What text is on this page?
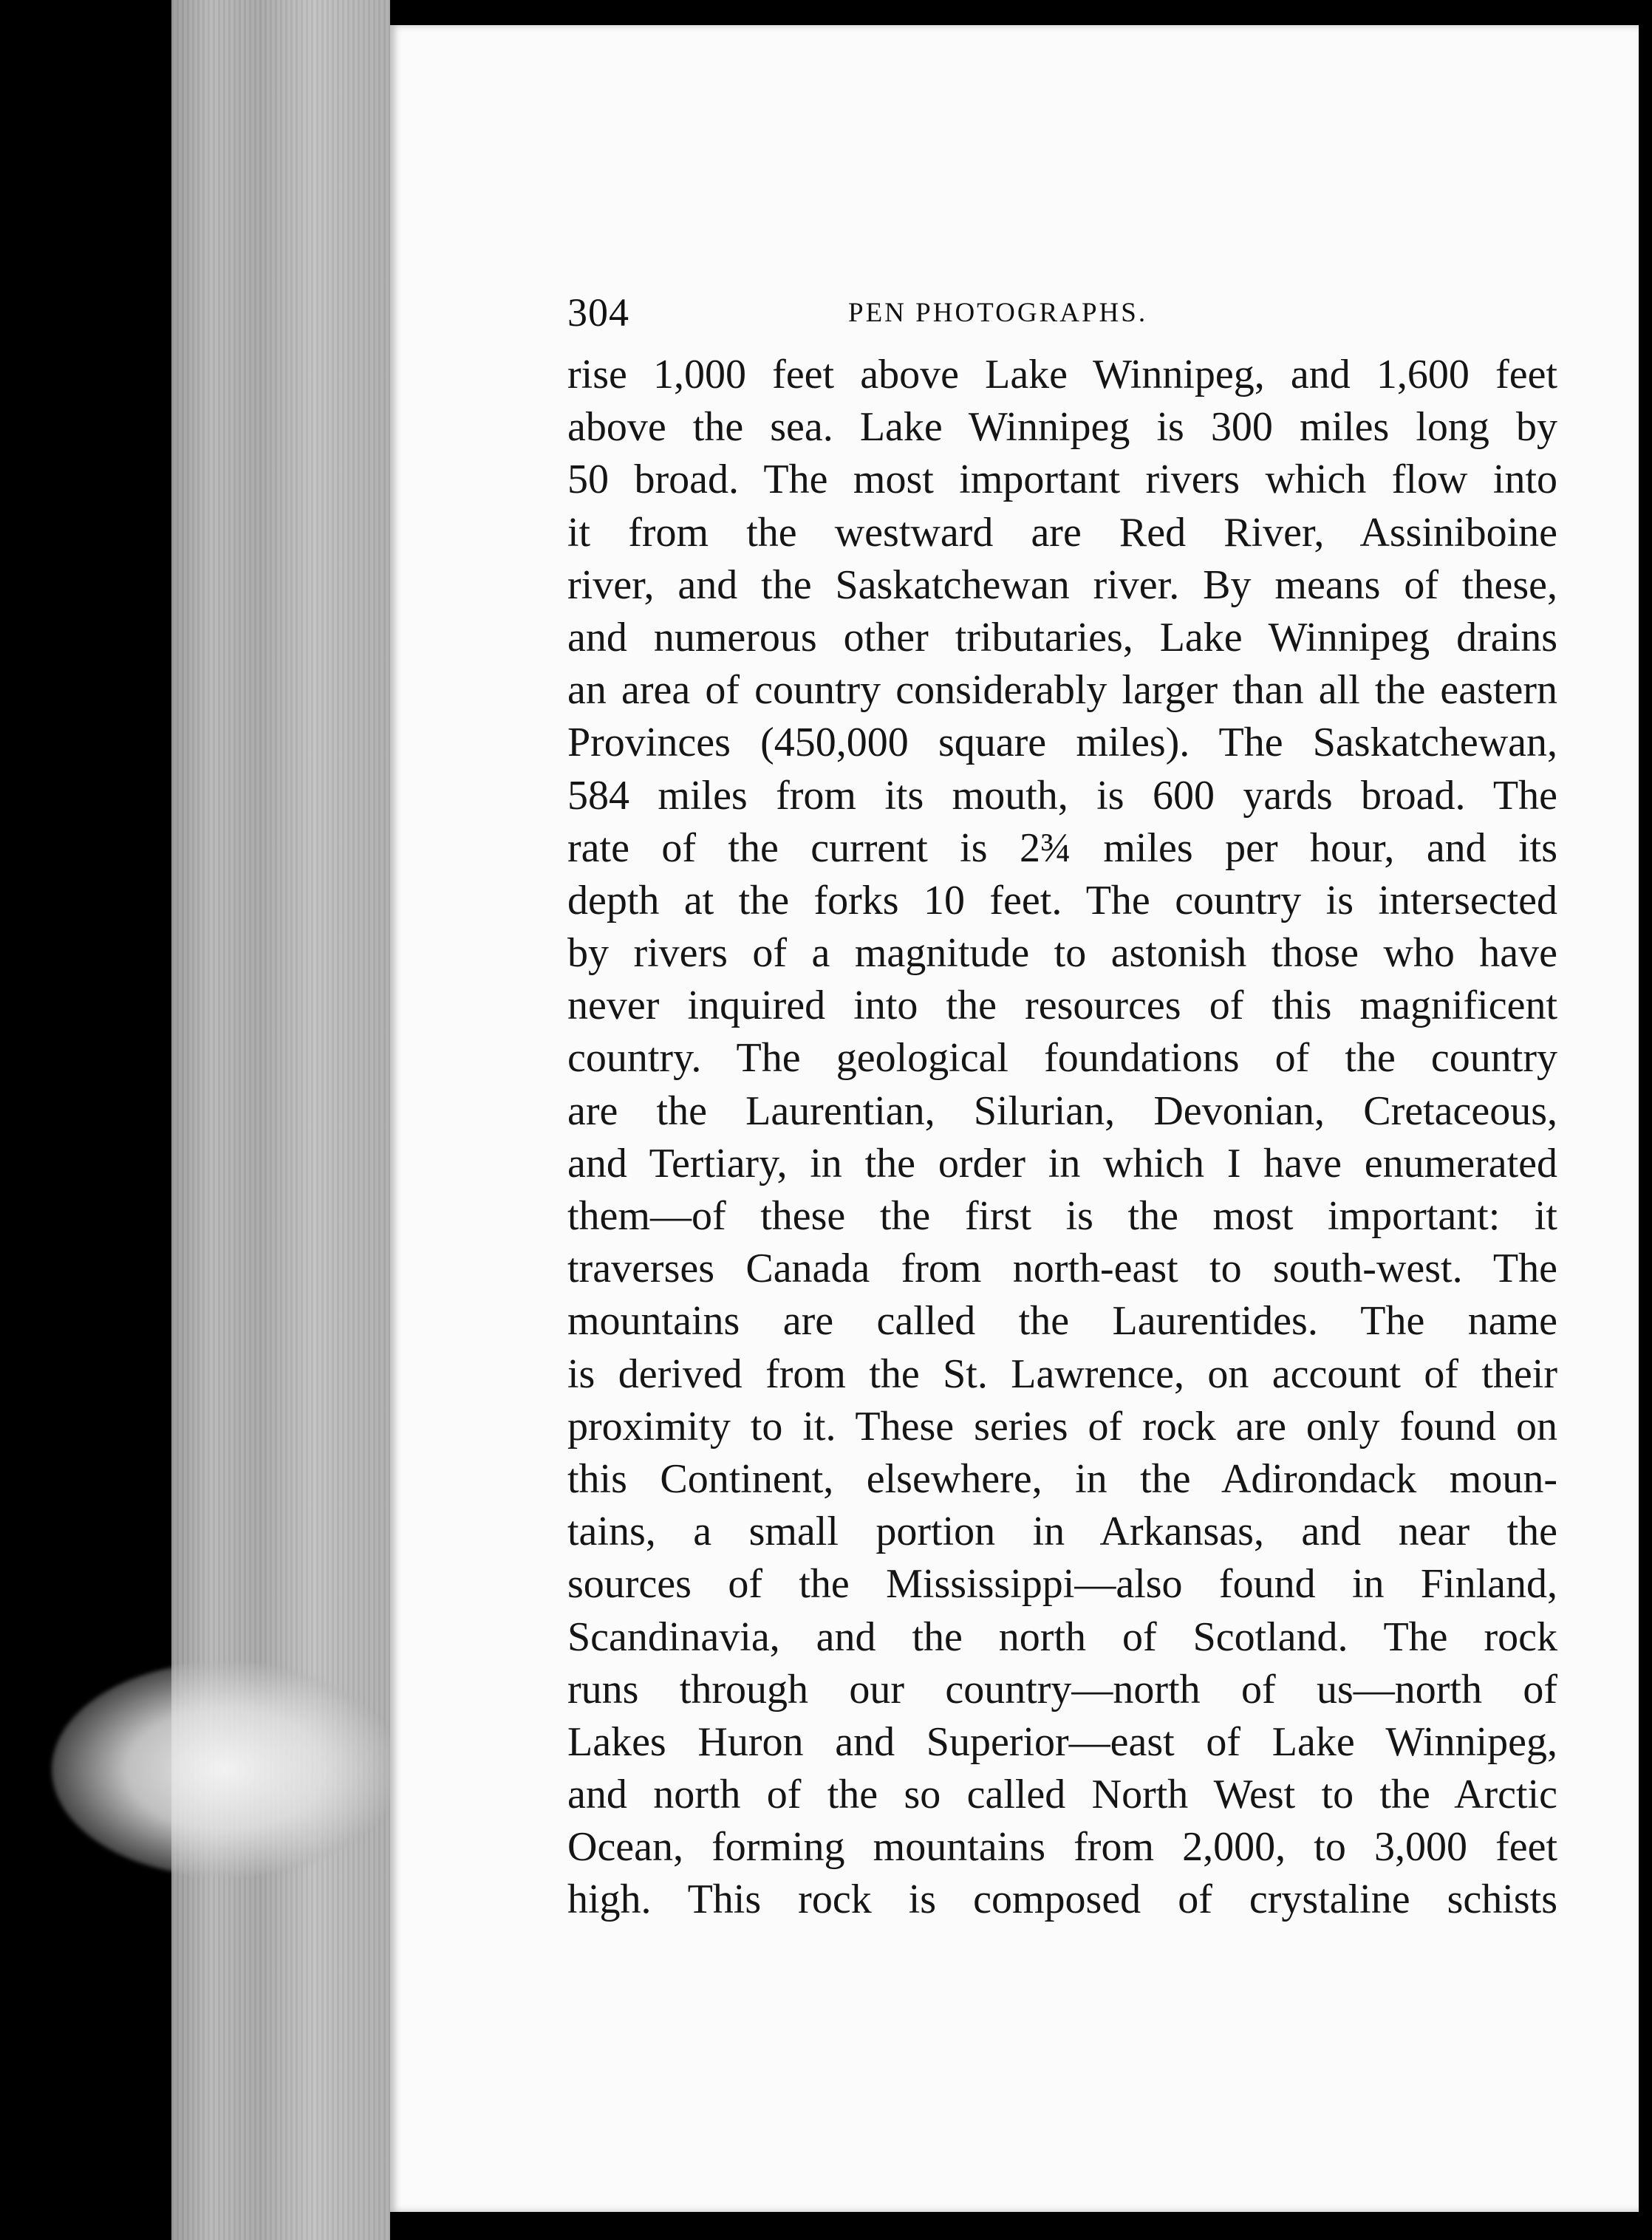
304	PEN PHOTOGRAPHS.
rise 1,000 feet above Lake Winnipeg, and 1,600 feet
above the sea. Lake Winnipeg is 300 miles long by
50 broad. The most important rivers which flow into
it from the westward are Red River, Assiniboine
river, and the Saskatchewan river. By means of these,
and numerous other tributaries, Lake Winnipeg drains
an area of country considerably larger than all the eastern
Provinces (450,000 square miles). The Saskatchewan,
584 miles from its mouth, is 600 yards broad. The
rate of the current is 2¾ miles per hour, and its
depth at the forks 10 feet. The country is intersected
by rivers of a magnitude to astonish those who have
never inquired into the resources of this magnificent
country. The geological foundations of the country
are the Laurentian, Silurian, Devonian, Cretaceous,
and Tertiary, in the order in which I have enumerated
them—of these the first is the most important: it
traverses Canada from north-east to south-west. The
mountains are called the Laurentides. The name
is derived from the St. Lawrence, on account of their
proximity to it. These series of rock are only found on
this Continent, elsewhere, in the Adirondack moun-
tains, a small portion in Arkansas, and near the
sources of the Mississippi—also found in Finland,
Scandinavia, and the north of Scotland. The rock
runs through our country—north of us—north of
Lakes Huron and Superior—east of Lake Winnipeg,
and north of the so called North West to the Arctic
Ocean, forming mountains from 2,000, to 3,000 feet
high. This rock is composed of crystaline schists
